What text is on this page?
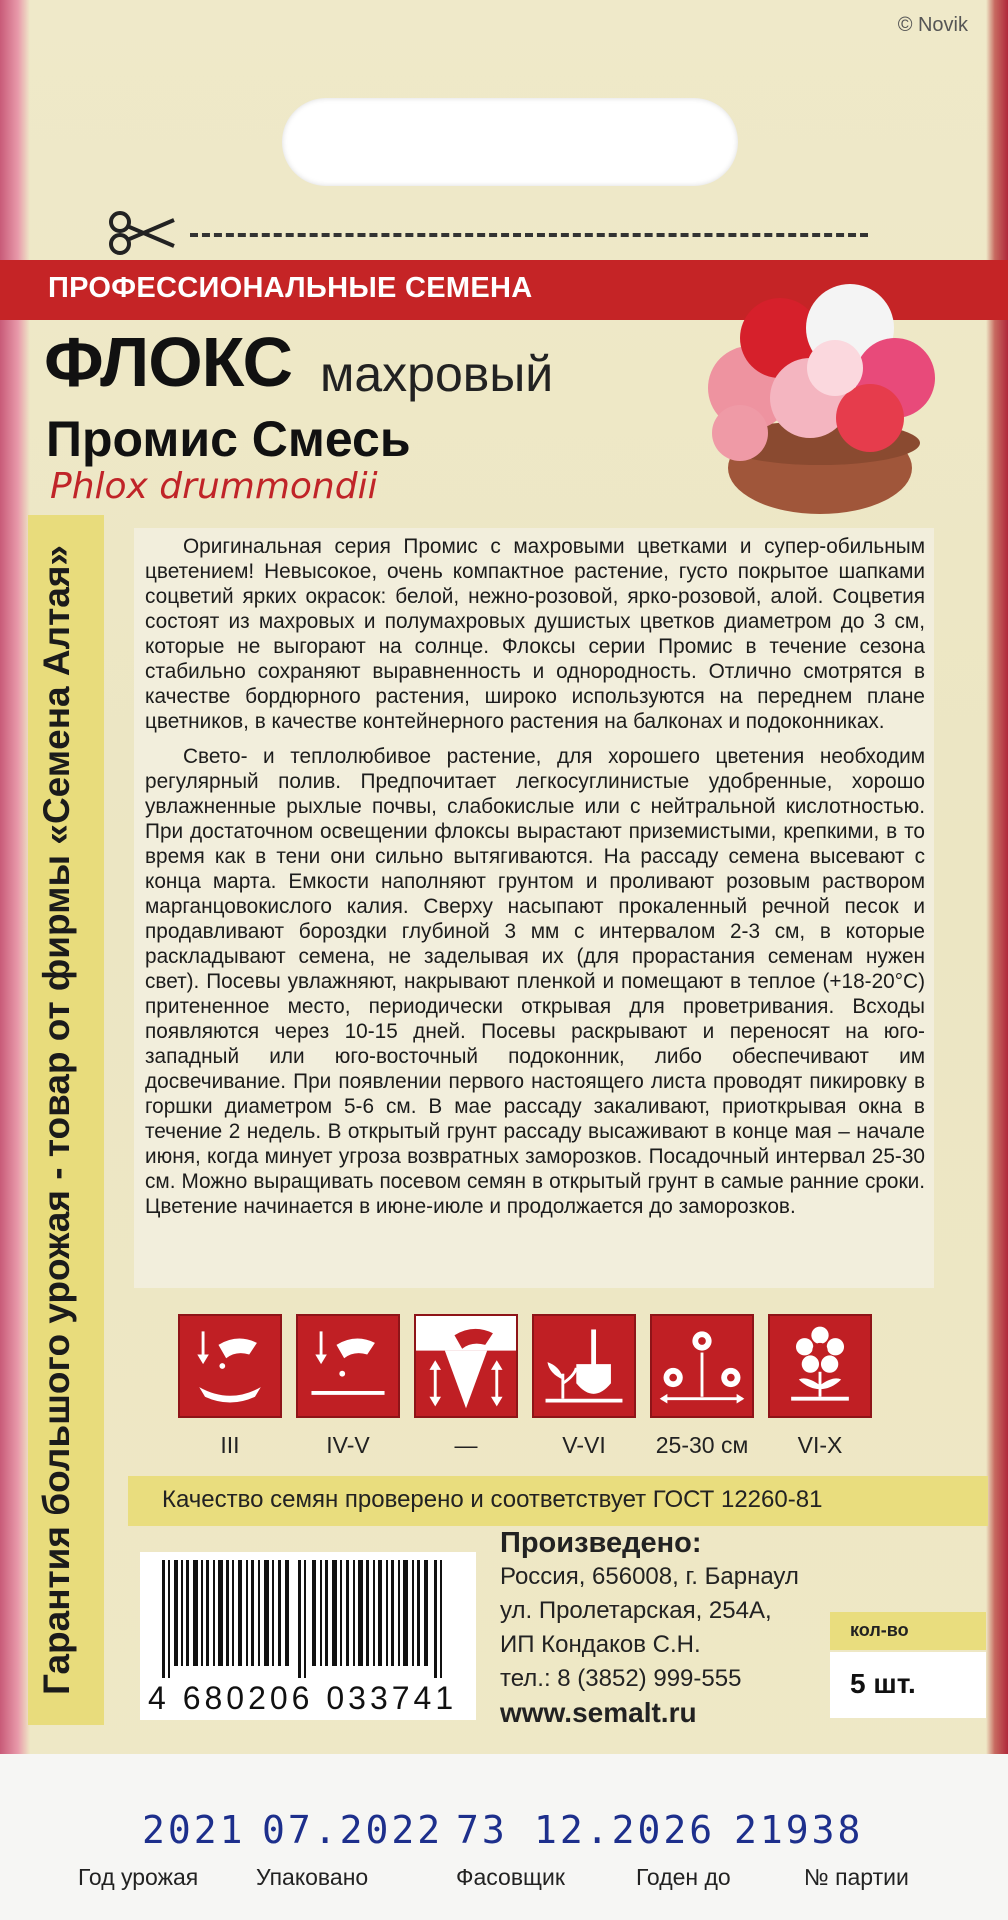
© Novik
ПРОФЕССИОНАЛЬНЫЕ СЕМЕНА
ФЛОКС махровый
Промис Смесь
Phlox drummondii
Гарантия большого урожая - товар от фирмы «Семена Алтая»	Оригинальная серия Промис с махровыми цветками и супер-обильным цветением! Невысокое, очень компактное растение, густо покрытое шапками соцветий ярких окрасок: белой, нежно-розовой, ярко-розовой, алой. Соцветия состоят из махровых и полумахровых душистых цветков диаметром до 3 см, которые не выгорают на солнце. Флоксы серии Промис в течение сезона стабильно сохраняют выравненность и однородность. Отлично смотрятся в качестве бордюрного растения, широко используются на переднем плане цветников, в качестве контейнерного растения на балконах и подоконниках.

Свето- и теплолюбивое растение, для хорошего цветения необходим регулярный полив. Предпочитает легкосуглинистые удобренные, хорошо увлажненные рыхлые почвы, слабокислые или с нейтральной кислотностью. При достаточном освещении флоксы вырастают приземистыми, крепкими, в то время как в тени они сильно вытягиваются. На рассаду семена высевают с конца марта. Емкости наполняют грунтом и проливают розовым раствором марганцовокислого калия. Сверху насыпают прокаленный речной песок и продавливают бороздки глубиной 3 мм с интервалом 2-3 см, в которые раскладывают семена, не заделывая их (для прорастания семенам нужен свет). Посевы увлажняют, накрывают пленкой и помещают в теплое (+18-20°С) притененное место, периодически открывая для проветривания. Всходы появляются через 10-15 дней. Посевы раскрывают и переносят на юго-западный или юго-восточный подоконник, либо обеспечивают им досвечивание. При появлении первого настоящего листа проводят пикировку в горшки диаметром 5-6 см. В мае рассаду закаливают, приоткрывая окна в течение 2 недель. В открытый грунт рассаду высаживают в конце мая – начале июня, когда минует угроза возвратных заморозков. Посадочный интервал 25-30 см. Можно выращивать посевом семян в открытый грунт в самые ранние сроки. Цветение начинается в июне-июле и продолжается до заморозков.

III	IV-V	—	V-VI	25-30 см	VI-X
Качество семян проверено и соответствует ГОСТ 12260-81
4 680206 033741
Произведено:
Россия, 656008, г. Барнаул
ул. Пролетарская, 254А,
ИП Кондаков С.Н.
тел.: 8 (3852) 999-555
www.semalt.ru
кол-во
5 шт.
2021 07.2022 73 12.2026 21938
Год урожая	Упаковано	Фасовщик	Годен до	№ партии
